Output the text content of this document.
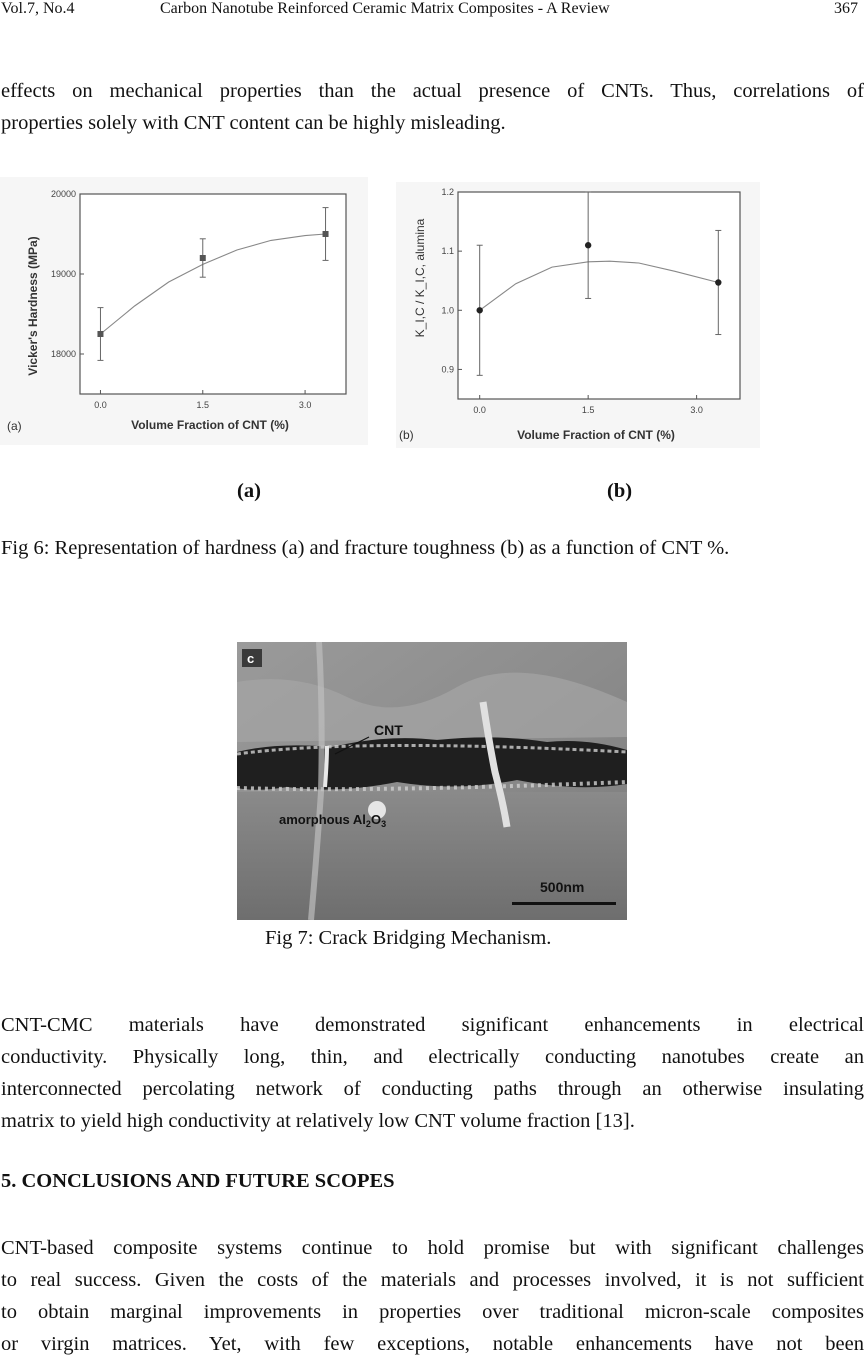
Vol.7, No.4	Carbon Nanotube Reinforced Ceramic Matrix Composites - A Review	367
effects on mechanical properties than the actual presence of CNTs. Thus, correlations of
properties solely with CNT content can be highly misleading.
18000
19000
20000
0.0	1.5	3.0
(a)	Volume Fraction of CNT (%)
Vicker's Hardness (MPa)	0.9
1.0
1.1
1.2
0.0	1.5	3.0
(b)	Volume Fraction of CNT (%)
K_I,C / K_I,C, alumina
(a)	(b)
Fig 6: Representation of hardness (a) and fracture toughness (b) as a function of CNT %.
c
CNT
amorphous $Al_2O_3$
500nm
Fig 7: Crack Bridging Mechanism.
CNT-CMC materials have demonstrated significant enhancements in electrical
conductivity. Physically long, thin, and electrically conducting nanotubes create an
interconnected percolating network of conducting paths through an otherwise insulating
matrix to yield high conductivity at relatively low CNT volume fraction [13].
5. CONCLUSIONS AND FUTURE SCOPES
CNT-based composite systems continue to hold promise but with significant challenges
to real success. Given the costs of the materials and processes involved, it is not sufficient
to obtain marginal improvements in properties over traditional micron-scale composites
or virgin matrices. Yet, with few exceptions, notable enhancements have not been
